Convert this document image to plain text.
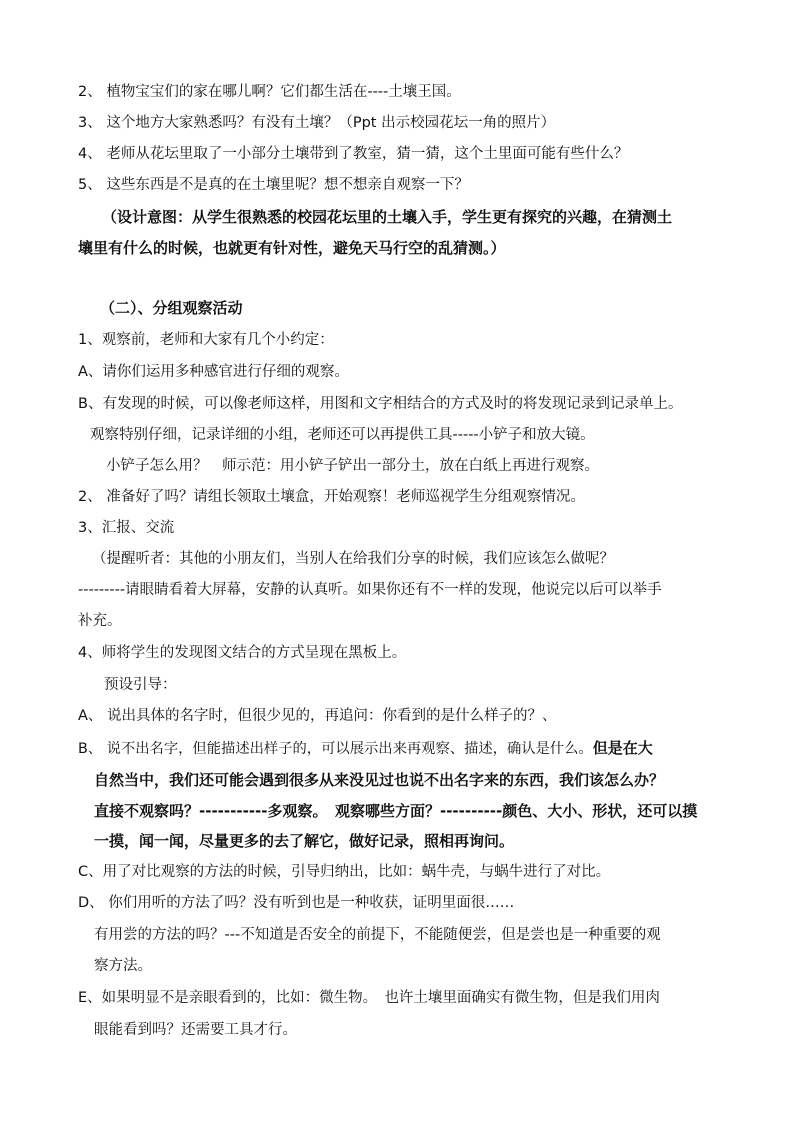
2、 植物宝宝们的家在哪儿啊？它们都生活在----土壤王国。
3、 这个地方大家熟悉吗？有没有土壤？（Ppt 出示校园花坛一角的照片）
4、 老师从花坛里取了一小部分土壤带到了教室，猜一猜，这个土里面可能有些什么？
5、 这些东西是不是真的在土壤里呢？想不想亲自观察一下？
（设计意图：从学生很熟悉的校园花坛里的土壤入手，学生更有探究的兴趣，在猜测土
壤里有什么的时候，也就更有针对性，避免天马行空的乱猜测。）
（二）、分组观察活动
1、观察前，老师和大家有几个小约定：
A、请你们运用多种感官进行仔细的观察。
B、有发现的时候，可以像老师这样，用图和文字相结合的方式及时的将发现记录到记录单上。
观察特别仔细，记录详细的小组，老师还可以再提供工具-----小铲子和放大镜。
小铲子怎么用？　师示范：用小铲子铲出一部分土，放在白纸上再进行观察。
2、 准备好了吗？请组长领取土壤盒，开始观察！老师巡视学生分组观察情况。
3、汇报、交流
（提醒听者：其他的小朋友们，当别人在给我们分享的时候，我们应该怎么做呢？
---------请眼睛看着大屏幕，安静的认真听。如果你还有不一样的发现，他说完以后可以举手
补充。
4、师将学生的发现图文结合的方式呈现在黑板上。
预设引导：
A、 说出具体的名字时，但很少见的，再追问：你看到的是什么样子的？、
B、 说不出名字，但能描述出样子的，可以展示出来再观察、描述，确认是什么。但是在大
自然当中，我们还可能会遇到很多从来没见过也说不出名字来的东西，我们该怎么办？
直接不观察吗？-----------多观察。　观察哪些方面？----------颜色、大小、形状，还可以摸
一摸，闻一闻，尽量更多的去了解它，做好记录，照相再询问。
C、用了对比观察的方法的时候，引导归纳出，比如：蜗牛壳，与蜗牛进行了对比。
D、 你们用听的方法了吗？没有听到也是一种收获，证明里面很……
有用尝的方法的吗？---不知道是否安全的前提下，不能随便尝，但是尝也是一种重要的观
察方法。
E、如果明显不是亲眼看到的，比如：微生物。　也许土壤里面确实有微生物，但是我们用肉
眼能看到吗？还需要工具才行。
